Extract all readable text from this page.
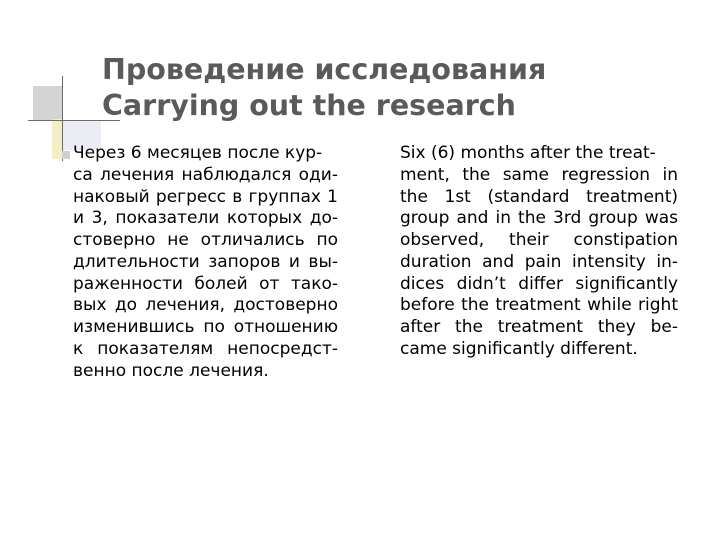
Проведение исследования
Carrying out the research
Через 6 месяцев после кур-
са лечения наблюдался оди-
наковый регресс в группах 1
и 3, показатели которых до-
стоверно не отличались по
длительности запоров и вы-
раженности болей от тако-
вых до лечения, достоверно
изменившись по отношению
к показателям непосредст-
венно после лечения.
Six (6) months after the treat-
ment, the same regression in
the 1st (standard treatment)
group and in the 3rd group was
observed, their constipation
duration and pain intensity in-
dices didn’t differ significantly
before the treatment while right
after the treatment they be-
came significantly different.
